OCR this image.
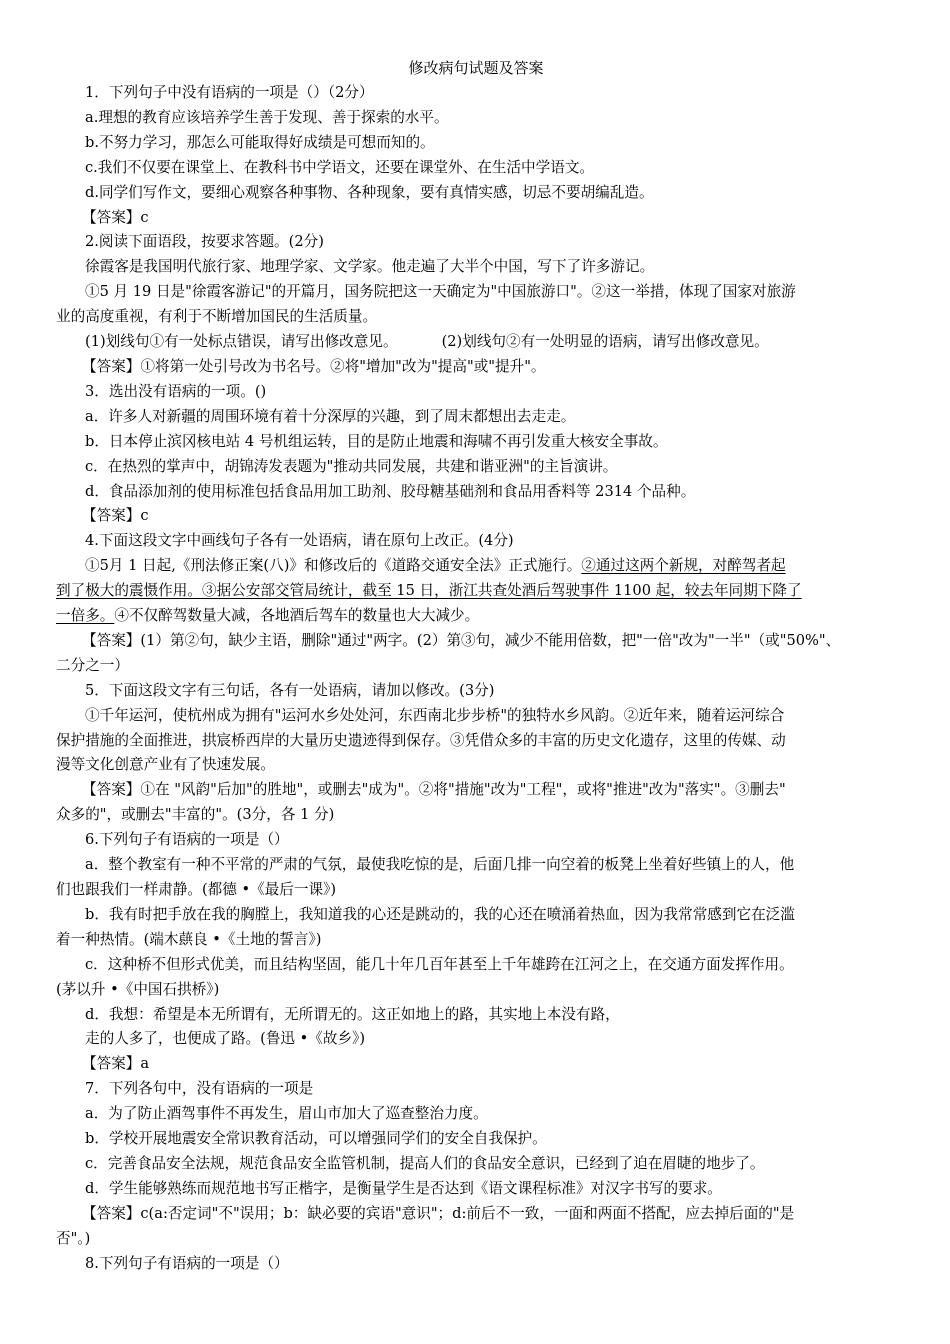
修改病句试题及答案
1．下列句子中没有语病的一项是（）（2分）
a.理想的教育应该培养学生善于发现、善于探索的水平。
b.不努力学习，那怎么可能取得好成绩是可想而知的。
c.我们不仅要在课堂上、在教科书中学语文，还要在课堂外、在生活中学语文。
d.同学们写作文，要细心观察各种事物、各种现象，要有真情实感，切忌不要胡编乱造。
【答案】c
2.阅读下面语段，按要求答题。(2分)
徐霞客是我国明代旅行家、地理学家、文学家。他走遍了大半个中国，写下了许多游记。
①5 月 19 日是"徐霞客游记"的开篇月，国务院把这一天确定为"中国旅游口"。②这一举措，体现了国家对旅游
业的高度重视，有利于不断增加国民的生活质量。
(1)划线句①有一处标点错误，请写出修改意见。	(2)划线句②有一处明显的语病，请写出修改意见。
【答案】①将第一处引号改为书名号。②将"增加"改为"提高"或"提升"。
3．选出没有语病的一项。()
a．许多人对新疆的周围环境有着十分深厚的兴趣，到了周末都想出去走走。
b．日本停止滨冈核电站 4 号机组运转，目的是防止地震和海啸不再引发重大核安全事故。
c．在热烈的掌声中，胡锦涛发表题为"推动共同发展，共建和谐亚洲"的主旨演讲。
d．食品添加剂的使用标准包括食品用加工助剂、胶母糖基础剂和食品用香料等 2314 个品种。
【答案】c
4.下面这段文字中画线句子各有一处语病，请在原句上改正。(4分)
①5月 1 日起,《刑法修正案(八)》和修改后的《道路交通安全法》正式施行。②通过这两个新规，对醉驾者起
到了极大的震慑作用。③据公安部交管局统计，截至 15 日，浙江共查处酒后驾驶事件 1100 起，较去年同期下降了
一倍多。④不仅醉驾数量大减，各地酒后驾车的数量也大大减少。
【答案】(1）第②句，缺少主语，删除"通过"两字。(2）第③句，减少不能用倍数，把"一倍"改为"一半"（或"50%"、
二分之一）
5．下面这段文字有三句话，各有一处语病，请加以修改。(3分)
①千年运河，使杭州成为拥有"运河水乡处处河，东西南北步步桥"的独特水乡风韵。②近年来，随着运河综合
保护措施的全面推进，拱宸桥西岸的大量历史遗迹得到保存。③凭借众多的丰富的历史文化遗存，这里的传媒、动
漫等文化创意产业有了快速发展。
【答案】①在 "风韵"后加"的胜地"，或删去"成为"。②将"措施"改为"工程"，或将"推进"改为"落实"。③删去"
众多的"，或删去"丰富的"。(3分，各 1 分)
6.下列句子有语病的一项是（）
a．整个教室有一种不平常的严肃的气氛，最使我吃惊的是，后面几排一向空着的板凳上坐着好些镇上的人，他
们也跟我们一样肃静。(都德 •《最后一课》)
b．我有时把手放在我的胸膛上，我知道我的心还是跳动的，我的心还在喷涌着热血，因为我常常感到它在泛滥
着一种热情。(端木蕻良 •《土地的誓言》)
c．这种桥不但形式优美，而且结构坚固，能几十年几百年甚至上千年雄跨在江河之上，在交通方面发挥作用。
(茅以升 •《中国石拱桥》)
d．我想：希望是本无所谓有，无所谓无的。这正如地上的路，其实地上本没有路，
走的人多了，也便成了路。(鲁迅 •《故乡》)
【答案】a
7．下列各句中，没有语病的一项是
a．为了防止酒驾事件不再发生，眉山市加大了巡查整治力度。
b．学校开展地震安全常识教育活动，可以增强同学们的安全自我保护。
c．完善食品安全法规，规范食品安全监管机制，提高人们的食品安全意识，已经到了迫在眉睫的地步了。
d．学生能够熟练而规范地书写正楷字，是衡量学生是否达到《语文课程标准》对汉字书写的要求。
【答案】c(a:否定词"不"误用；b：缺必要的宾语"意识"；d:前后不一致，一面和两面不搭配，应去掉后面的"是
否"。)
8.下列句子有语病的一项是（）
